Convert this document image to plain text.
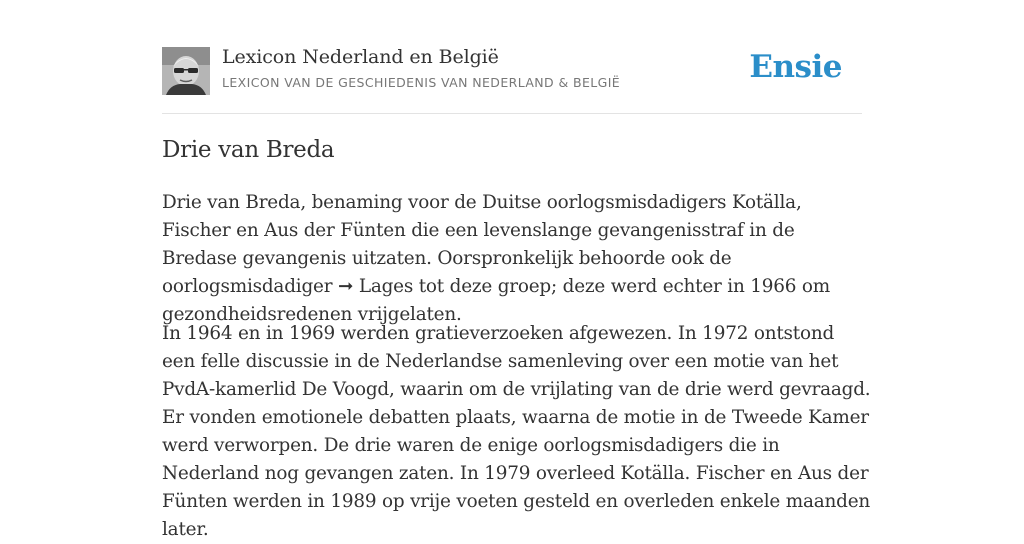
Lexicon Nederland en België
LEXICON VAN DE GESCHIEDENIS VAN NEDERLAND & BELGIË	Ensie
Drie van Breda

Drie van Breda, benaming voor de Duitse oorlogsmisdadigers Kotälla, Fischer en Aus der Fünten die een levenslange gevangenisstraf in de Bredase gevangenis uitzaten. Oorspronkelijk behoorde ook de oorlogsmisdadiger ➞ Lages tot deze groep; deze werd echter in 1966 om gezondheidsredenen vrijgelaten.

In 1964 en in 1969 werden gratieverzoeken afgewezen. In 1972 ontstond een felle discussie in de Nederlandse samenleving over een motie van het PvdA-kamerlid De Voogd, waarin om de vrijlating van de drie werd gevraagd. Er vonden emotionele debatten plaats, waarna de motie in de Tweede Kamer werd verworpen. De drie waren de enige oorlogsmisdadigers die in Nederland nog gevangen zaten. In 1979 overleed Kotälla. Fischer en Aus der Fünten werden in 1989 op vrije voeten gesteld en overleden enkele maanden later.
